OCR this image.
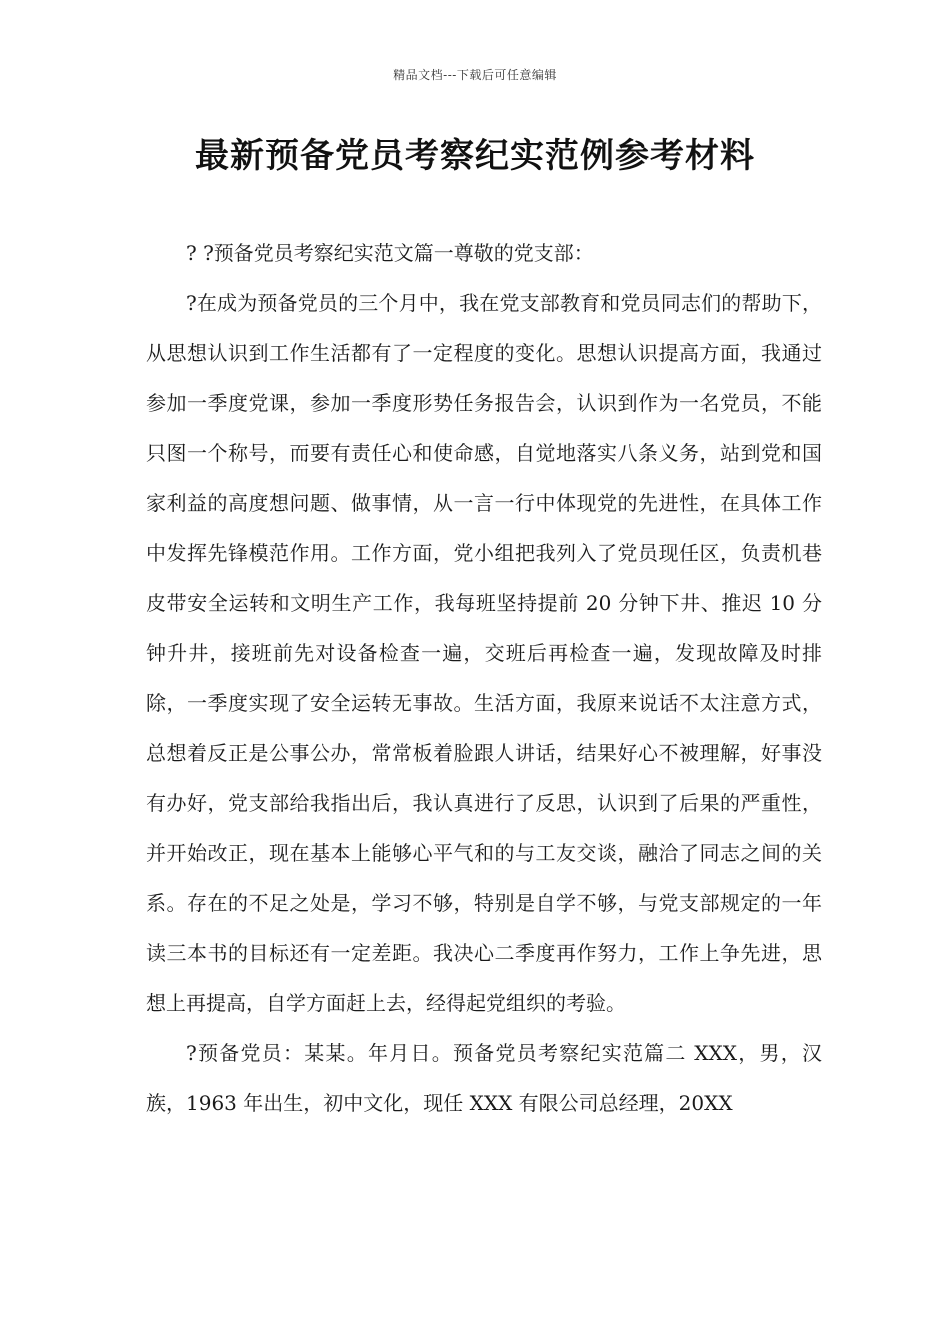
精品文档---下载后可任意编辑
最新预备党员考察纪实范例参考材料

? ?预备党员考察纪实范文篇一尊敬的党支部：

?在成为预备党员的三个月中，我在党支部教育和党员同志们的帮助下，从思想认识到工作生活都有了一定程度的变化。思想认识提高方面，我通过参加一季度党课，参加一季度形势任务报告会，认识到作为一名党员，不能只图一个称号，而要有责任心和使命感，自觉地落实八条义务，站到党和国家利益的高度想问题、做事情，从一言一行中体现党的先进性，在具体工作中发挥先锋模范作用。工作方面，党小组把我列入了党员现任区，负责机巷皮带安全运转和文明生产工作，我每班坚持提前 20 分钟下井、推迟 10 分钟升井，接班前先对设备检查一遍，交班后再检查一遍，发现故障及时排除，一季度实现了安全运转无事故。生活方面，我原来说话不太注意方式，总想着反正是公事公办，常常板着脸跟人讲话，结果好心不被理解，好事没有办好，党支部给我指出后，我认真进行了反思，认识到了后果的严重性，并开始改正，现在基本上能够心平气和的与工友交谈，融洽了同志之间的关系。存在的不足之处是，学习不够，特别是自学不够，与党支部规定的一年读三本书的目标还有一定差距。我决心二季度再作努力，工作上争先进，思想上再提高，自学方面赶上去，经得起党组织的考验。

?预备党员：某某。年月日。预备党员考察纪实范篇二 XXX，男，汉族，1963 年出生，初中文化，现任 XXX 有限公司总经理，20XX
